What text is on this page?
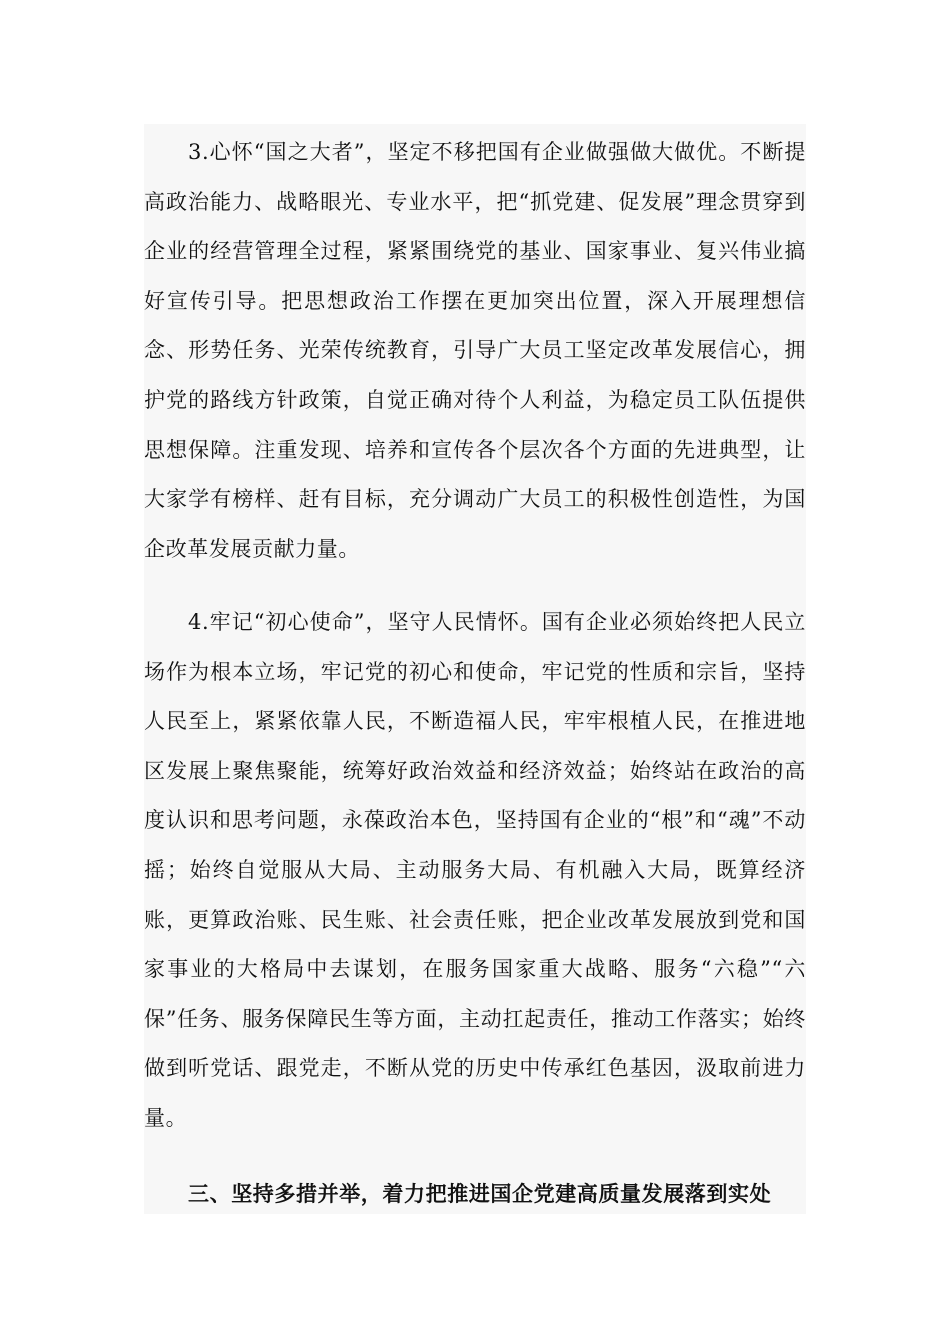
3.心怀“国之大者”，坚定不移把国有企业做强做大做优。不断提高政治能力、战略眼光、专业水平，把“抓党建、促发展”理念贯穿到企业的经营管理全过程，紧紧围绕党的基业、国家事业、复兴伟业搞好宣传引导。把思想政治工作摆在更加突出位置，深入开展理想信念、形势任务、光荣传统教育，引导广大员工坚定改革发展信心，拥护党的路线方针政策，自觉正确对待个人利益，为稳定员工队伍提供思想保障。注重发现、培养和宣传各个层次各个方面的先进典型，让大家学有榜样、赶有目标，充分调动广大员工的积极性创造性，为国企改革发展贡献力量。

4.牢记“初心使命”，坚守人民情怀。国有企业必须始终把人民立场作为根本立场，牢记党的初心和使命，牢记党的性质和宗旨，坚持人民至上，紧紧依靠人民，不断造福人民，牢牢根植人民，在推进地区发展上聚焦聚能，统筹好政治效益和经济效益；始终站在政治的高度认识和思考问题，永葆政治本色，坚持国有企业的“根”和“魂”不动摇；始终自觉服从大局、主动服务大局、有机融入大局，既算经济账，更算政治账、民生账、社会责任账，把企业改革发展放到党和国家事业的大格局中去谋划，在服务国家重大战略、服务“六稳”“六保”任务、服务保障民生等方面，主动扛起责任，推动工作落实；始终做到听党话、跟党走，不断从党的历史中传承红色基因，汲取前进力量。

三、坚持多措并举，着力把推进国企党建高质量发展落到实处
